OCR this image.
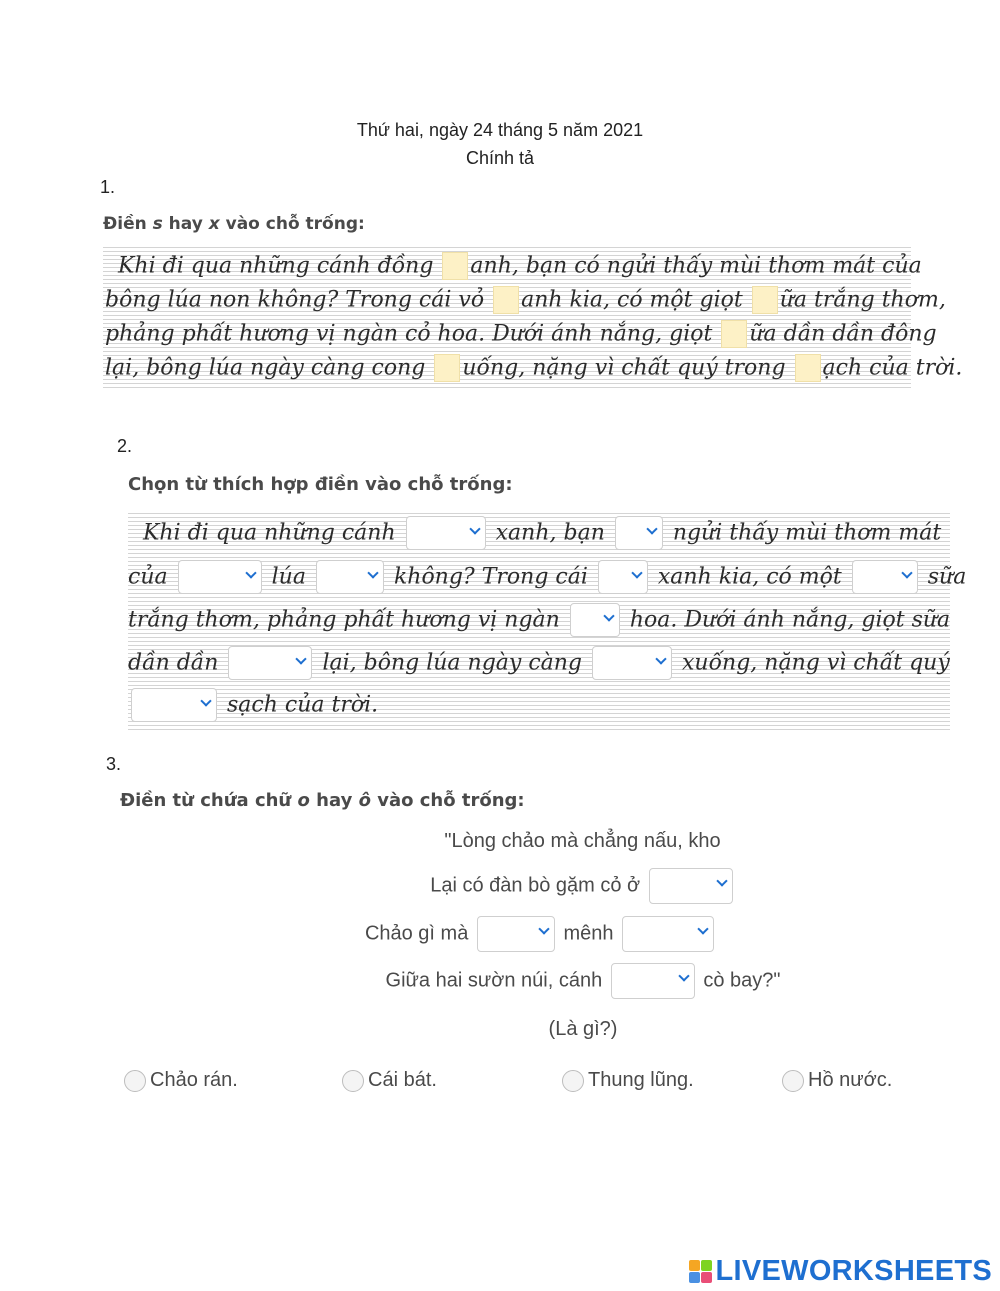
Thứ hai, ngày 24 tháng 5 năm 2021
Chính tả
1.
Điền s hay x vào chỗ trống:
Khi đi qua những cánh đồng anh, bạn có ngửi thấy mùi thơm mát của
bông lúa non không? Trong cái vỏ anh kia, có một giọt ữa trắng thơm,
phảng phất hương vị ngàn cỏ hoa. Dưới ánh nắng, giọt ữa dần dần đông
lại, bông lúa ngày càng cong uống, nặng vì chất quý trong ạch của trời.
2.
Chọn từ thích hợp điền vào chỗ trống:
Khi đi qua những cánh	xanh, bạn	ngửi thấy mùi thơm mát
của	lúa	không? Trong cái	xanh kia, có một	sữa
trắng thơm, phảng phất hương vị ngàn	hoa. Dưới ánh nắng, giọt sữa
dần dần	lại, bông lúa ngày càng	xuống, nặng vì chất quý
sạch của trời.
3.
Điền từ chứa chữ o hay ô vào chỗ trống:
"Lòng chảo mà chẳng nấu, kho
Lại có đàn bò gặm cỏ ở
Chảo gì mà	mênh
Giữa hai sườn núi, cánh	cò bay?"
(Là gì?)
Chảo rán.	Cái bát.	Thung lũng.	Hồ nước.
LIVEWORKSHEETS
